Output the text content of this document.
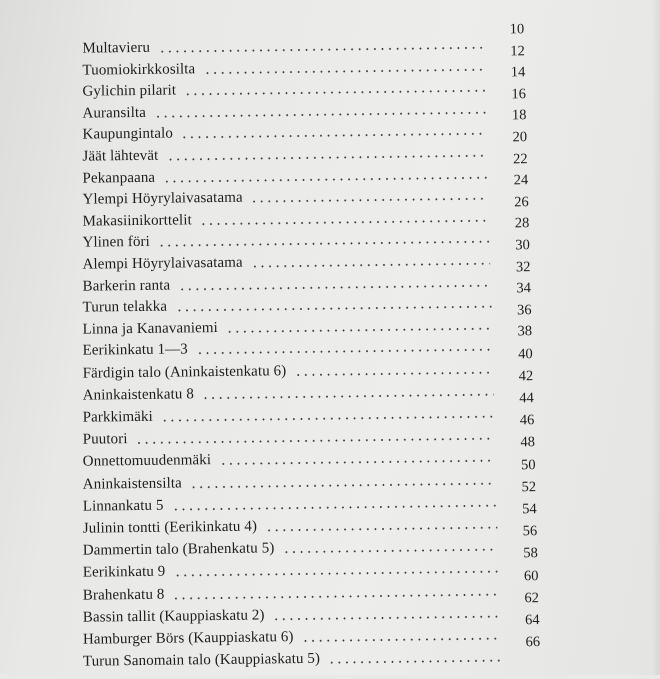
Multavieru
10
Tuomiokirkkosilta
12
Gylichin pilarit
14
Auransilta
16
Kaupungintalo
18
Jäät lähtevät
20
Pekanpaana
22
Ylempi Höyrylaivasatama
24
Makasiinikorttelit
26
Ylinen föri
28
Alempi Höyrylaivasatama
30
Barkerin ranta
32
Turun telakka
34
Linna ja Kanavaniemi
36
Eerikinkatu 1—3
38
Färdigin talo (Aninkaistenkatu 6)
40
Aninkaistenkatu 8
42
Parkkimäki
44
Puutori
46
Onnettomuudenmäki
48
Aninkaistensilta
50
Linnankatu 5
52
Julinin tontti (Eerikinkatu 4)
54
Dammertin talo (Brahenkatu 5)
56
Eerikinkatu 9
58
Brahenkatu 8
60
Bassin tallit (Kauppiaskatu 2)
62
Hamburger Börs (Kauppiaskatu 6)
64
Turun Sanomain talo (Kauppiaskatu 5)
66
